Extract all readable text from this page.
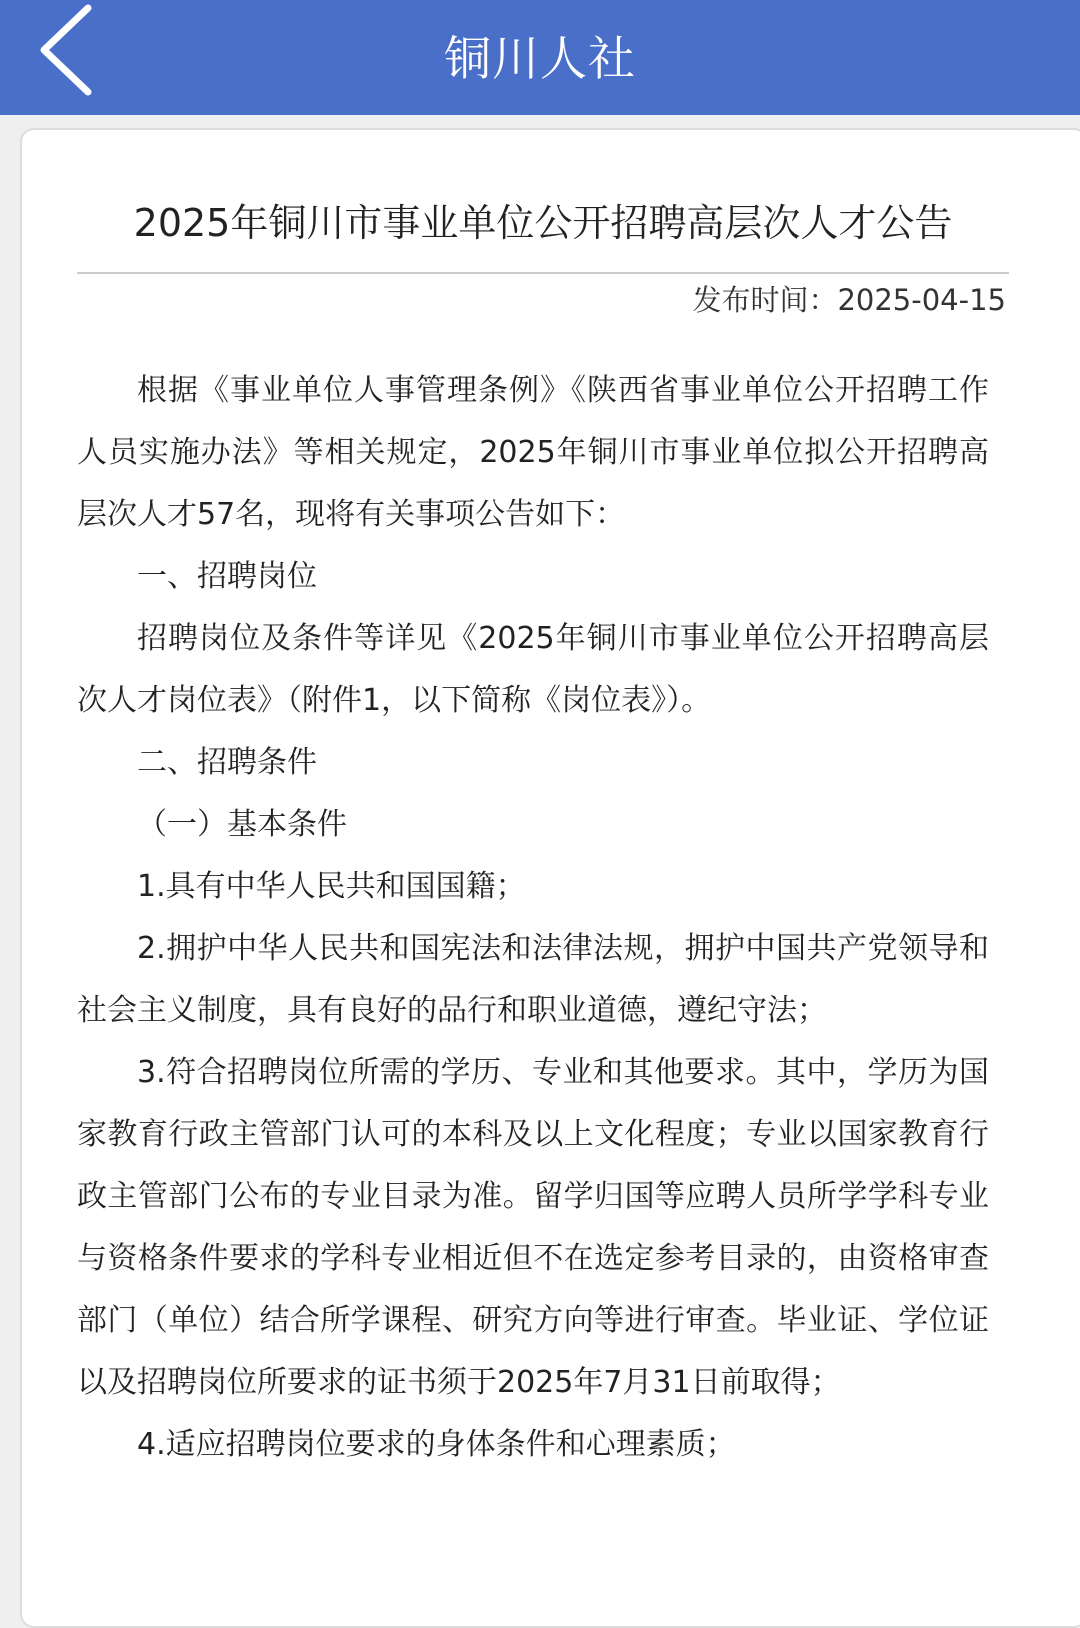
铜川人社
2025年铜川市事业单位公开招聘高层次人才公告
发布时间：2025-04-15

根据《事业单位人事管理条例》《陕西省事业单位公开招聘工作人员实施办法》等相关规定，2025年铜川市事业单位拟公开招聘高层次人才57名，现将有关事项公告如下：

一、招聘岗位

招聘岗位及条件等详见《2025年铜川市事业单位公开招聘高层次人才岗位表》（附件1，以下简称《岗位表》）。

二、招聘条件

（一）基本条件

1.具有中华人民共和国国籍；

2.拥护中华人民共和国宪法和法律法规，拥护中国共产党领导和社会主义制度，具有良好的品行和职业道德，遵纪守法；

3.符合招聘岗位所需的学历、专业和其他要求。其中，学历为国家教育行政主管部门认可的本科及以上文化程度；专业以国家教育行政主管部门公布的专业目录为准。留学归国等应聘人员所学学科专业与资格条件要求的学科专业相近但不在选定参考目录的，由资格审查部门（单位）结合所学课程、研究方向等进行审查。毕业证、学位证以及招聘岗位所要求的证书须于2025年7月31日前取得；

4.适应招聘岗位要求的身体条件和心理素质；
